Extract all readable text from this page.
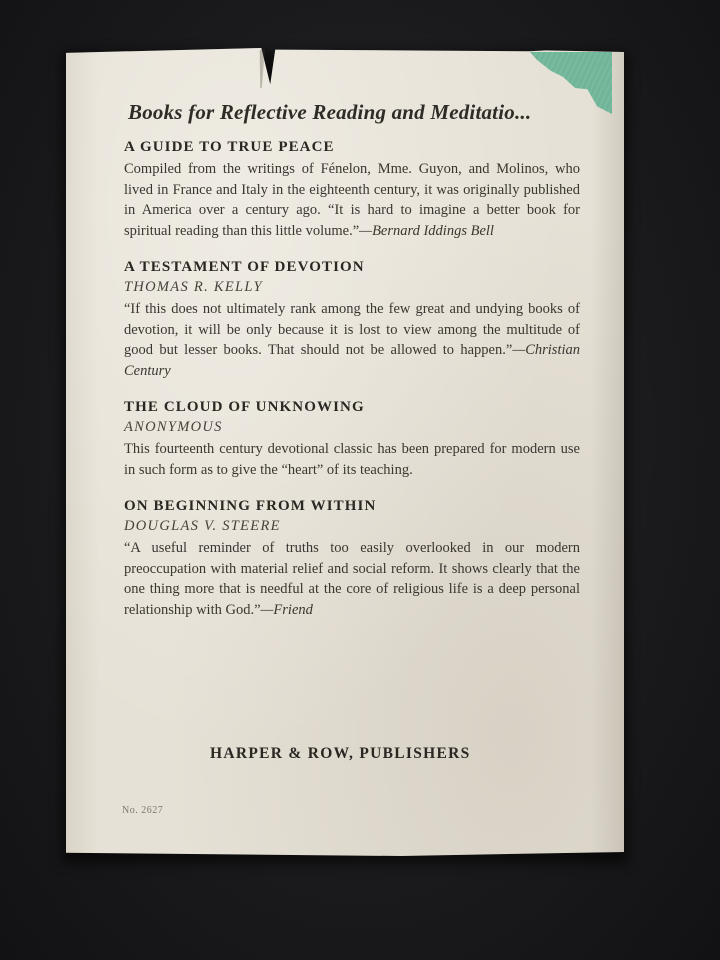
Books for Reflective Reading and Meditatio...
A GUIDE TO TRUE PEACE

Compiled from the writings of Fénelon, Mme. Guyon, and Molinos, who lived in France and Italy in the eighteenth century, it was originally published in America over a century ago. “It is hard to imagine a better book for spiritual reading than this little volume.”—Bernard Iddings Bell

A TESTAMENT OF DEVOTION
THOMAS R. KELLY

“If this does not ultimately rank among the few great and undying books of devotion, it will be only because it is lost to view among the multitude of good but lesser books. That should not be allowed to happen.”—Christian Century

THE CLOUD OF UNKNOWING
ANONYMOUS

This fourteenth century devotional classic has been prepared for modern use in such form as to give the “heart” of its teaching.

ON BEGINNING FROM WITHIN
DOUGLAS V. STEERE

“A useful reminder of truths too easily overlooked in our modern preoccupation with material relief and social reform. It shows clearly that the one thing more that is needful at the core of religious life is a deep personal relationship with God.”—Friend

HARPER & ROW, PUBLISHERS
No. 2627
